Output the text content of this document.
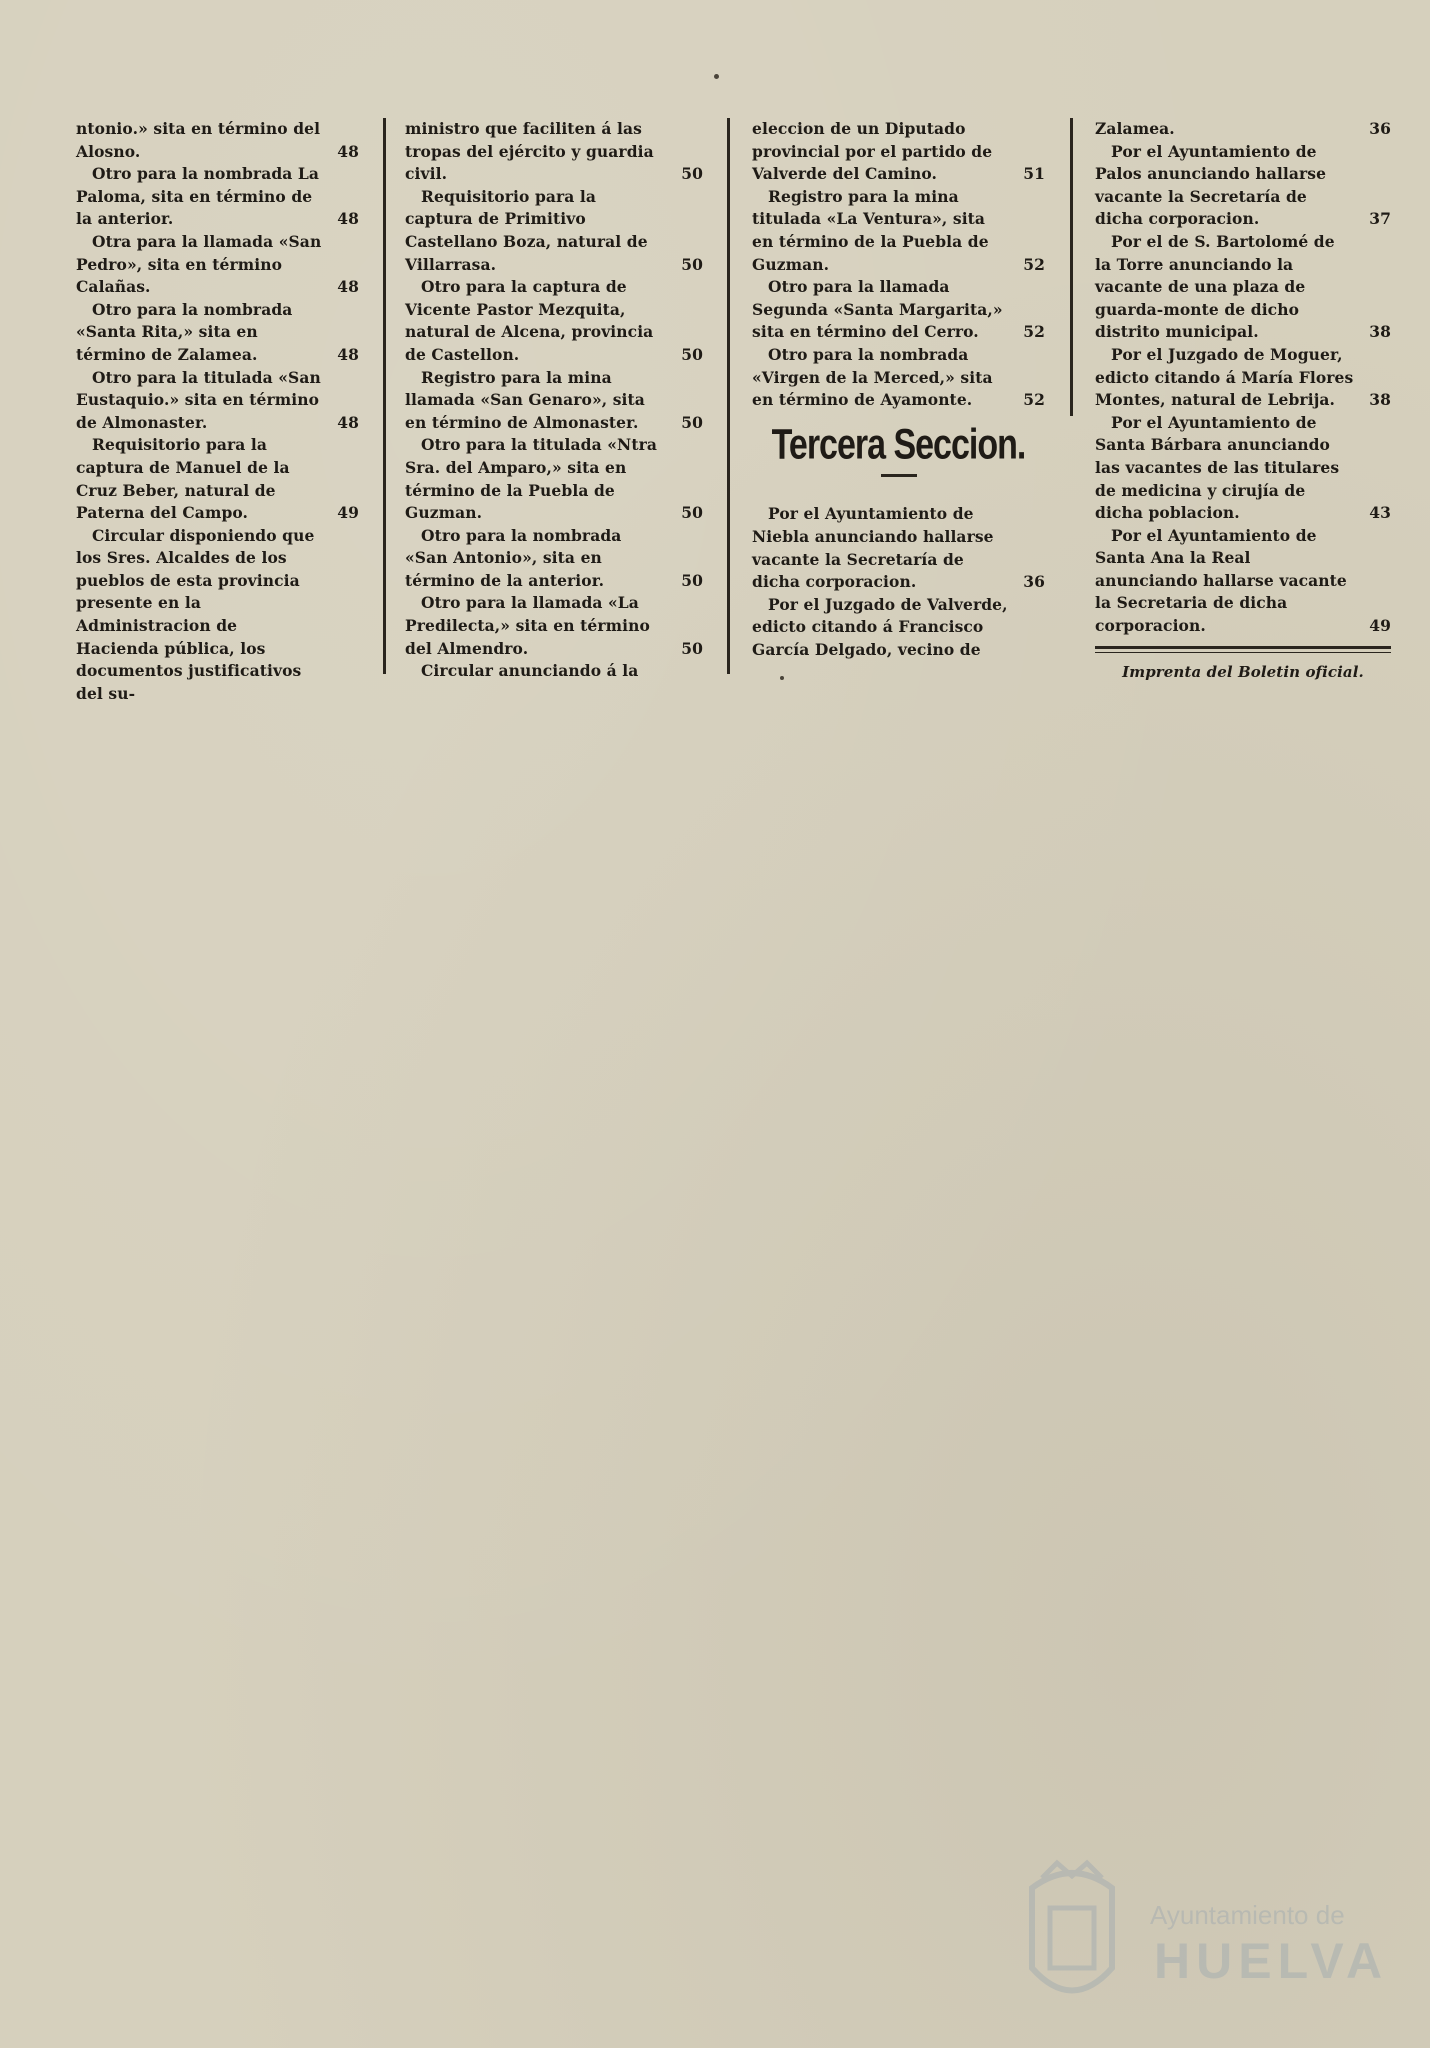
ntonio.» sita en término del Alosno.	48
Otro para la nombrada La Paloma, sita en término de la anterior.	48
Otra para la llamada «San Pedro», sita en término Calañas.	48
Otro para la nombrada «Santa Rita,» sita en término de Zalamea.	48
Otro para la titulada «San Eustaquio.» sita en término de Almonaster.	48
Requisitorio para la captura de Manuel de la Cruz Beber, natural de Paterna del Campo.	49
Circular disponiendo que los Sres. Alcaldes de los pueblos de esta provincia presente en la Administracion de Hacienda pública, los documentos justificativos del su-
ministro que faciliten á las tropas del ejército y guardia civil.	50
Requisitorio para la captura de Primitivo Castellano Boza, natural de Villarrasa.	50
Otro para la captura de Vicente Pastor Mezquita, natural de Alcena, provincia de Castellon.	50
Registro para la mina llamada «San Genaro», sita en término de Almonaster.	50
Otro para la titulada «Ntra Sra. del Amparo,» sita en término de la Puebla de Guzman.	50
Otro para la nombrada «San Antonio», sita en término de la anterior.	50
Otro para la llamada «La Predilecta,» sita en término del Almendro.	50
Circular anunciando á la
eleccion de un Diputado provincial por el partido de Valverde del Camino.	51
Registro para la mina titulada «La Ventura», sita en término de la Puebla de Guzman.	52
Otro para la llamada Segunda «Santa Margarita,» sita en término del Cerro.	52
Otro para la nombrada «Virgen de la Merced,» sita en término de Ayamonte.	52
Tercera Seccion.
Por el Ayuntamiento de Niebla anunciando hallarse vacante la Secretaría de dicha corporacion.	36
Por el Juzgado de Valverde, edicto citando á Francisco García Delgado, vecino de
Zalamea.	36
Por el Ayuntamiento de Palos anunciando hallarse vacante la Secretaría de dicha corporacion.	37
Por el de S. Bartolomé de la Torre anunciando la vacante de una plaza de guarda-monte de dicho distrito municipal.	38
Por el Juzgado de Moguer, edicto citando á María Flores Montes, natural de Lebrija.	38
Por el Ayuntamiento de Santa Bárbara anunciando las vacantes de las titulares de medicina y cirujía de dicha poblacion.	43
Por el Ayuntamiento de Santa Ana la Real anunciando hallarse vacante la Secretaria de dicha corporacion.	49
Imprenta del Boletin oficial.
Ayuntamiento de
HUELVA
